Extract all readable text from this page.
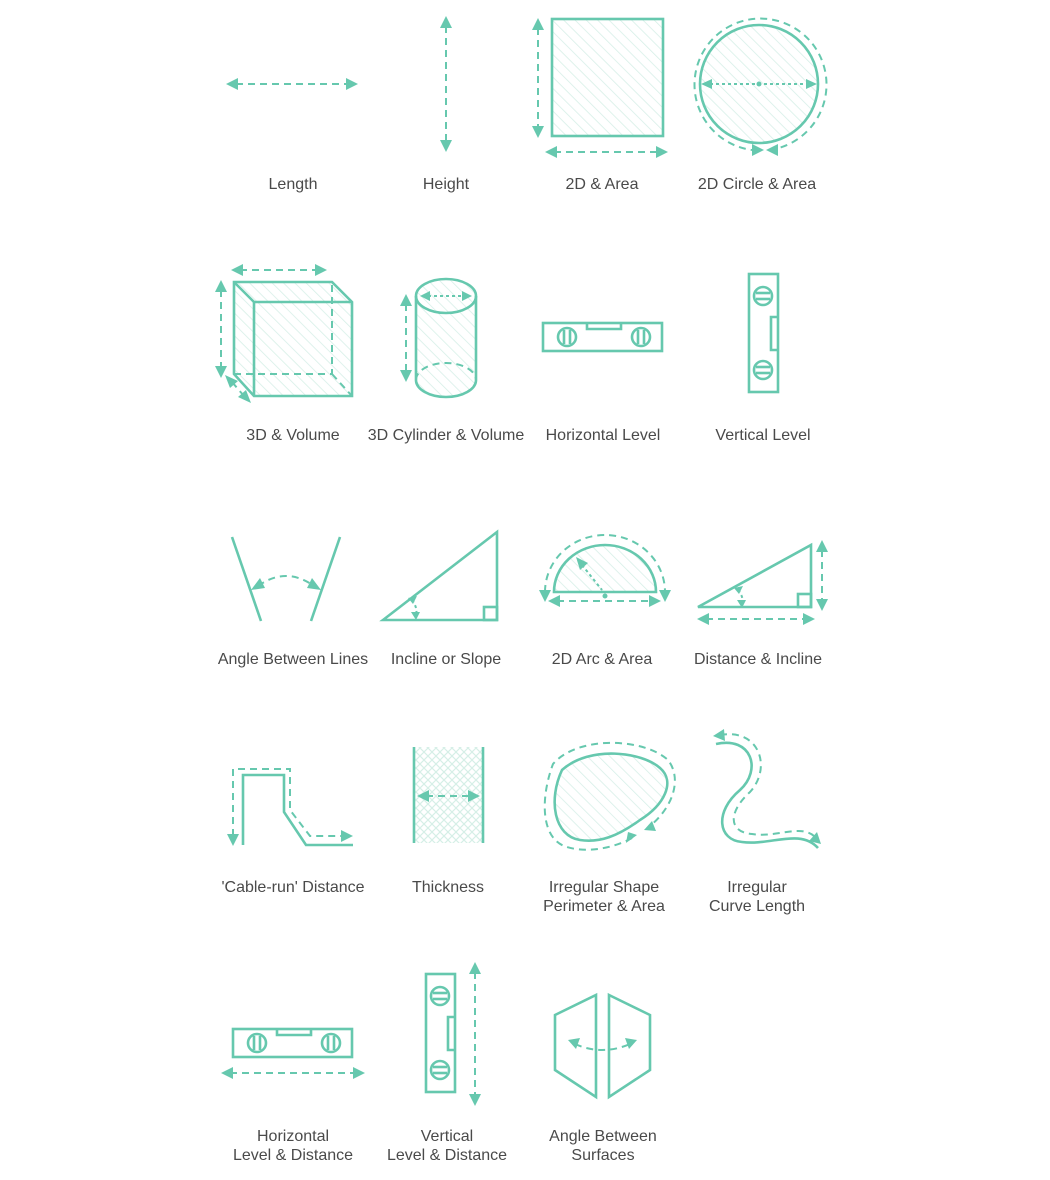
Length	Height	2D & Area	2D Circle & Area
3D & Volume	3D Cylinder & Volume	Horizontal Level	Vertical Level
Angle Between Lines	Incline or Slope	2D Arc & Area	Distance & Incline
'Cable-run' Distance	Thickness	Irregular Shape
Perimeter & Area
Irregular
Curve Length
Horizontal
Level & Distance
Vertical
Level & Distance
Angle Between
Surfaces
